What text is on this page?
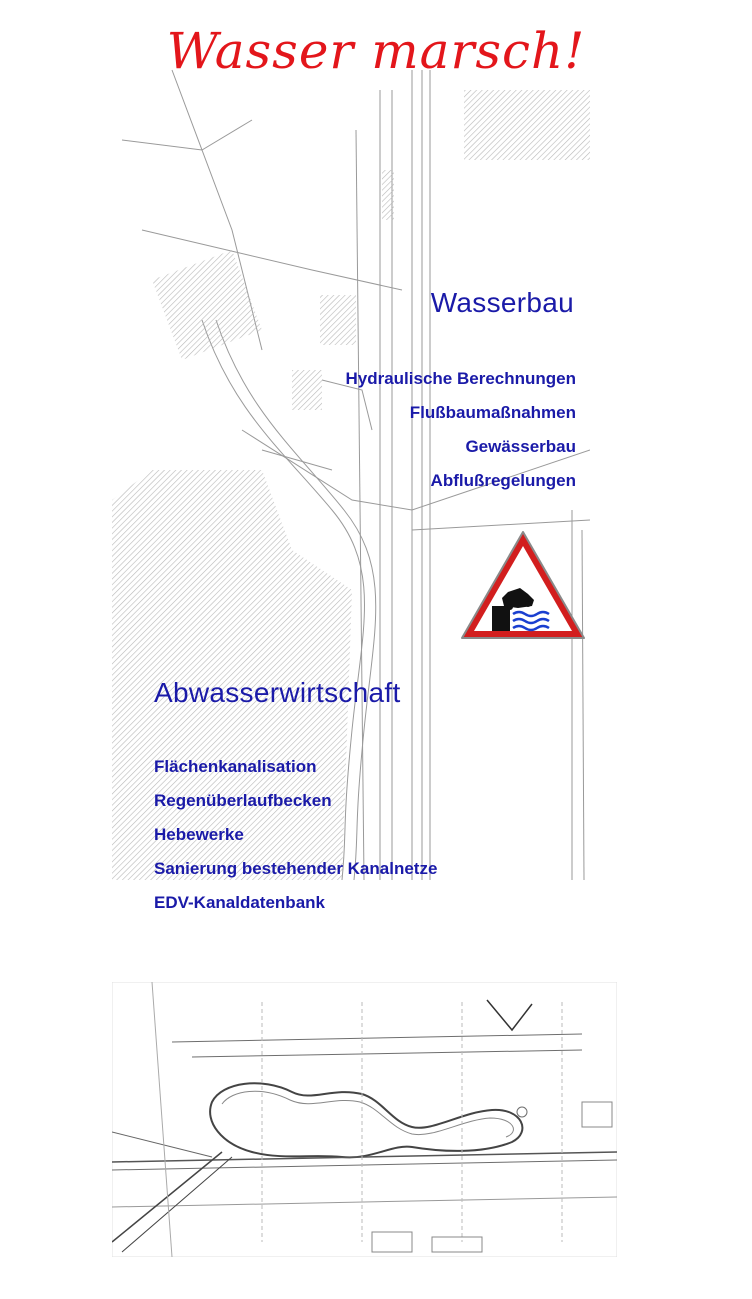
Wasser marsch!
Wasserbau
Hydraulische Berechnungen
Flußbaumaßnahmen
Gewässerbau
Abflußregelungen
Abwasserwirtschaft
Flächenkanalisation
Regenüberlaufbecken
Hebewerke
Sanierung bestehender Kanalnetze
EDV-Kanaldatenbank
